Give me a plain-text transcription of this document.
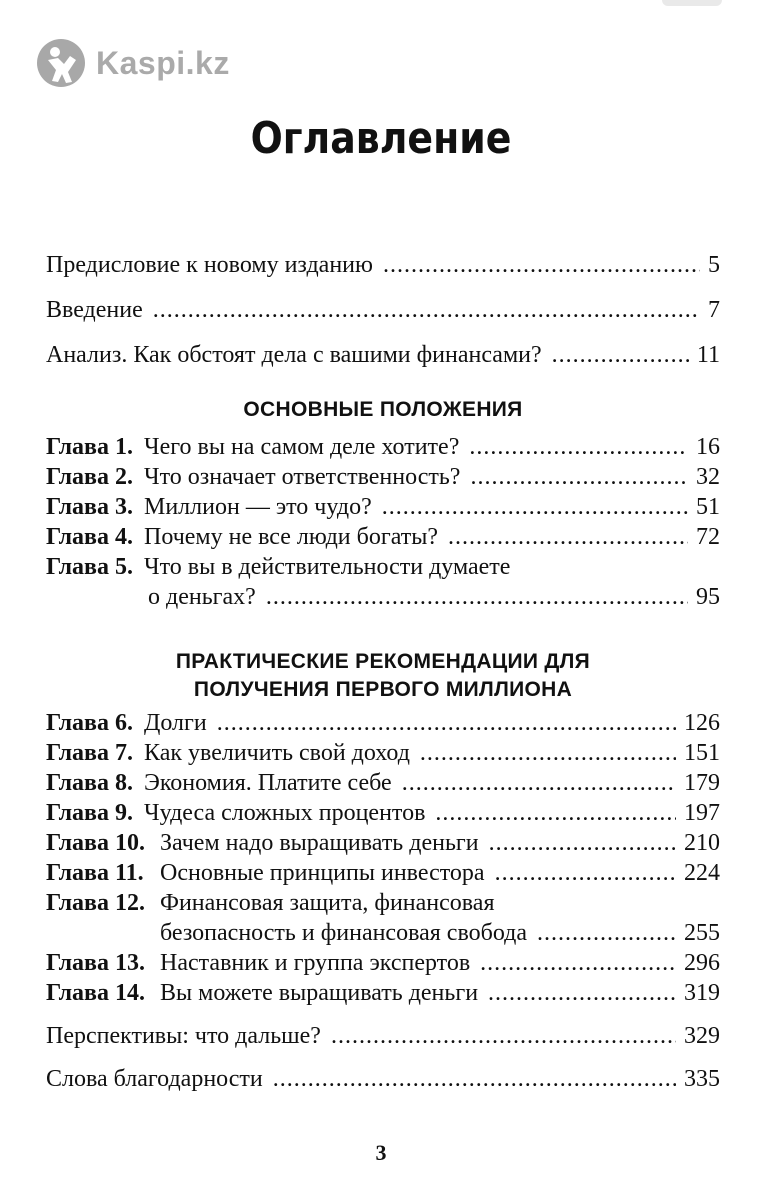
Kaspi.kz
Оглавление
Предисловие к новому изданию .....	5
Введение .....	7
Анализ. Как обстоят дела с вашими финансами? .....	11
ОСНОВНЫЕ ПОЛОЖЕНИЯ
Глава 1. Чего вы на самом деле хотите? .....	16
Глава 2. Что означает ответственность? .....	32
Глава 3. Миллион — это чудо? .....	51
Глава 4. Почему не все люди богаты? .....	72
Глава 5. Что вы в действительности думаете
о деньгах? .....	95
ПРАКТИЧЕСКИЕ РЕКОМЕНДАЦИИ ДЛЯ
ПОЛУЧЕНИЯ ПЕРВОГО МИЛЛИОНА
Глава 6. Долги .....	126
Глава 7. Как увеличить свой доход .....	151
Глава 8. Экономия. Платите себе .....	179
Глава 9. Чудеса сложных процентов .....	197
Глава 10. Зачем надо выращивать деньги .....	210
Глава 11. Основные принципы инвестора .....	224
Глава 12. Финансовая защита, финансовая
безопасность и финансовая свобода .....	255
Глава 13. Наставник и группа экспертов .....	296
Глава 14. Вы можете выращивать деньги .....	319
Перспективы: что дальше? .....	329
Слова благодарности .....	335
3
